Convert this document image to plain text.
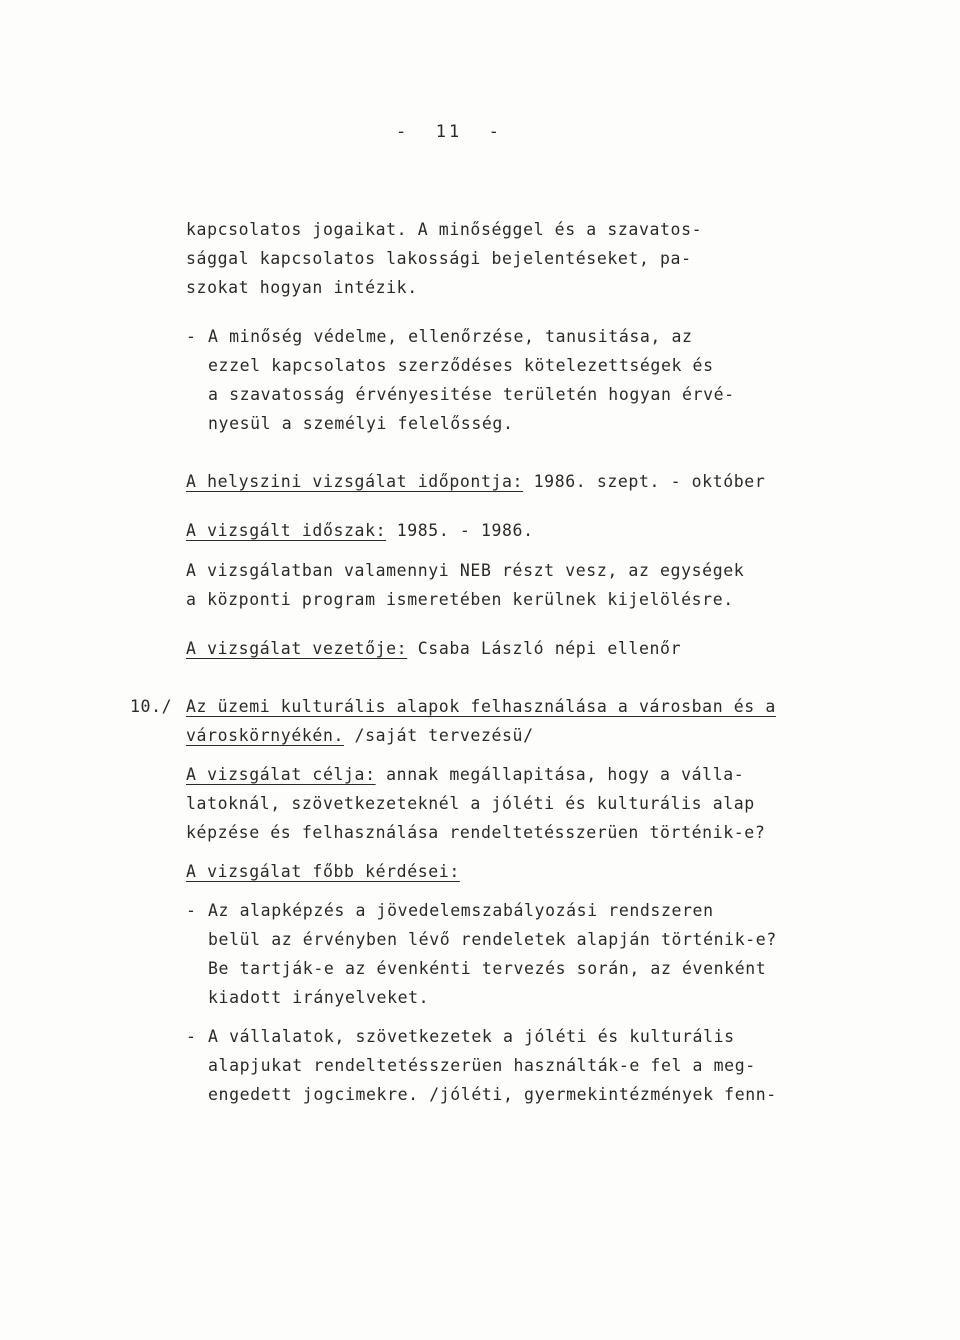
-  11  -
kapcsolatos jogaikat. A minőséggel és a szavatos-
sággal kapcsolatos lakossági bejelentéseket, pa-
szokat hogyan intézik.
- A minőség védelme, ellenőrzése, tanusitása, az
ezzel kapcsolatos szerződéses kötelezettségek és
a szavatosság érvényesitése területén hogyan érvé-
nyesül a személyi felelősség.
A helyszini vizsgálat időpontja: 1986. szept. - október
A vizsgált időszak: 1985. - 1986.
A vizsgálatban valamennyi NEB részt vesz, az egységek
a központi program ismeretében kerülnek kijelölésre.
A vizsgálat vezetője: Csaba László népi ellenőr
10./ Az üzemi kulturális alapok felhasználása a városban és a
városkörnyékén. /saját tervezésü/
A vizsgálat célja: annak megállapitása, hogy a válla-
latoknál, szövetkezeteknél a jóléti és kulturális alap
képzése és felhasználása rendeltetésszerüen történik-e?
A vizsgálat főbb kérdései:
- Az alapképzés a jövedelemszabályozási rendszeren
belül az érvényben lévő rendeletek alapján történik-e?
Be tartják-e az évenkénti tervezés során, az évenként
kiadott irányelveket.
- A vállalatok, szövetkezetek a jóléti és kulturális
alapjukat rendeltetésszerüen használták-e fel a meg-
engedett jogcimekre. /jóléti, gyermekintézmények fenn-
